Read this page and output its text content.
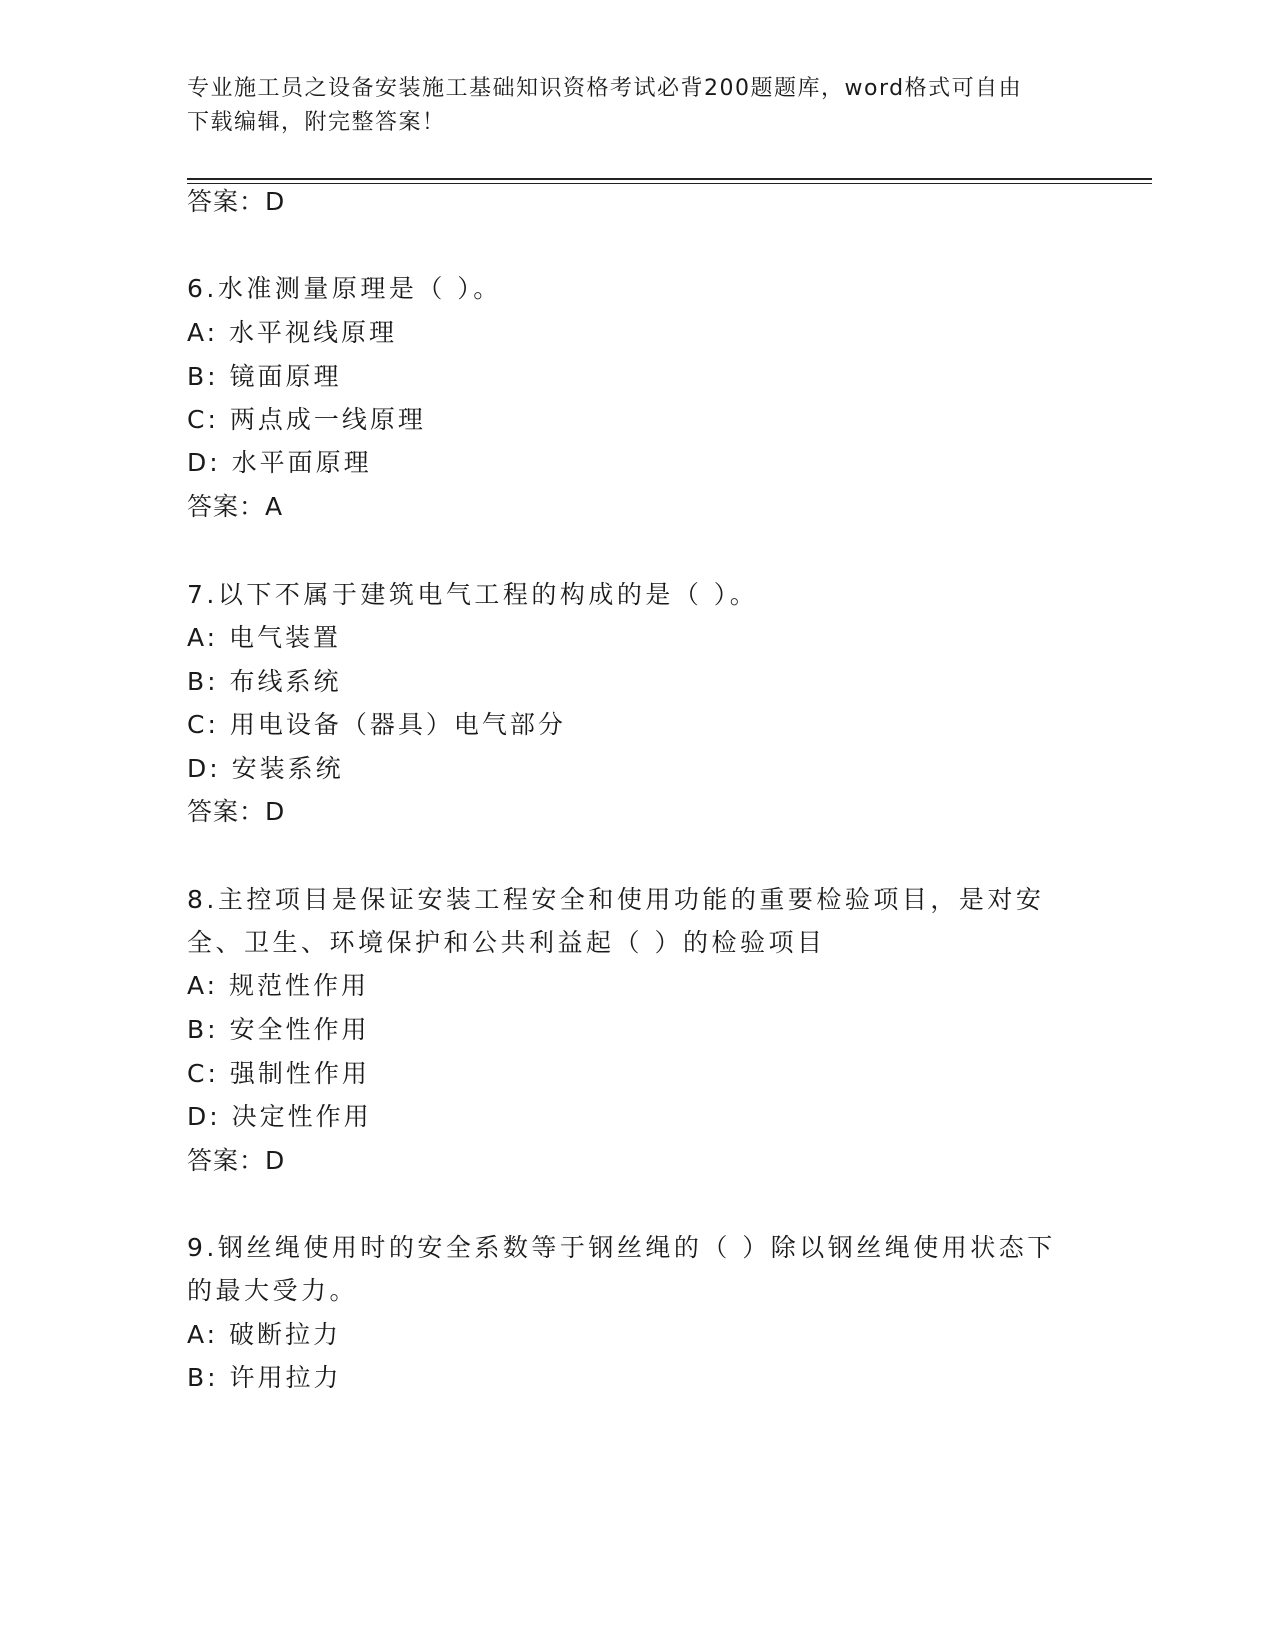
专业施工员之设备安装施工基础知识资格考试必背200题题库，word格式可自由
下载编辑，附完整答案！
答案：D
6.水准测量原理是（ ）。
A: 水平视线原理
B: 镜面原理
C: 两点成一线原理
D: 水平面原理
答案：A
7.以下不属于建筑电气工程的构成的是（ ）。
A: 电气装置
B: 布线系统
C: 用电设备（器具）电气部分
D: 安装系统
答案：D
8.主控项目是保证安装工程安全和使用功能的重要检验项目，是对安
全、卫生、环境保护和公共利益起（ ）的检验项目
A: 规范性作用
B: 安全性作用
C: 强制性作用
D: 决定性作用
答案：D
9.钢丝绳使用时的安全系数等于钢丝绳的（ ）除以钢丝绳使用状态下
的最大受力。
A: 破断拉力
B: 许用拉力
